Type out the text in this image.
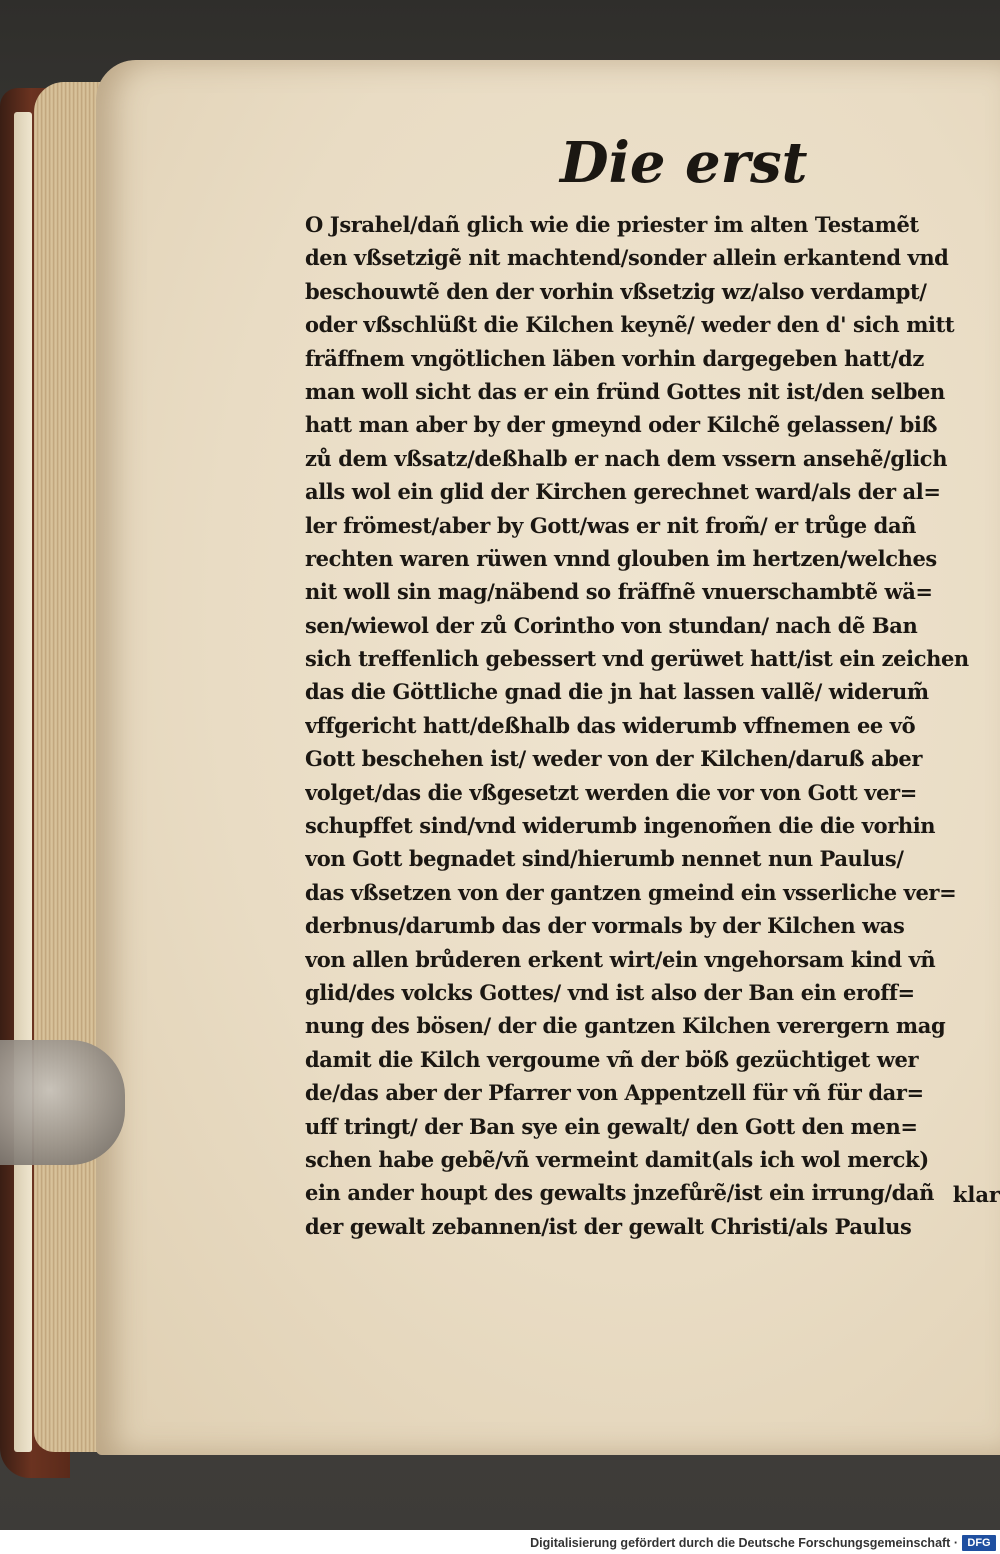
Die erst
O Jsrahel/dañ glich wie die priester im alten Testamẽt
den vßsetzigẽ nit machtend/sonder allein erkantend vnd
beschouwtẽ den der vorhin vßsetzig wz/also verdampt/
oder vßschlüßt die Kilchen keynẽ/ weder den d' sich mitt
fräffnem vngötlichen läben vorhin dargegeben hatt/dz
man woll sicht das er ein fründ Gottes nit ist/den selben
hatt man aber by der gmeynd oder Kilchẽ gelassen/ biß
zů dem vßsatz/deßhalb er nach dem vssern ansehẽ/glich
alls wol ein glid der Kirchen gerechnet ward/als der al=
ler frömest/aber by Gott/was er nit from̃/ er trůge dañ
rechten waren rüwen vnnd glouben im hertzen/welches
nit woll sin mag/näbend so fräffnẽ vnuerschambtẽ wä=
sen/wiewol der zů Corintho von stundan/ nach dẽ Ban
sich treffenlich gebessert vnd gerüwet hatt/ist ein zeichen
das die Göttliche gnad die jn hat lassen vallẽ/ widerum̃
vffgericht hatt/deßhalb das widerumb vffnemen ee võ
Gott beschehen ist/ weder von der Kilchen/daruß aber
volget/das die vßgesetzt werden die vor von Gott ver=
schupffet sind/vnd widerumb ingenom̃en die die vorhin
von Gott begnadet sind/hierumb nennet nun Paulus/
das vßsetzen von der gantzen gmeind ein vsserliche ver=
derbnus/darumb das der vormals by der Kilchen was
von allen brůderen erkent wirt/ein vngehorsam kind vñ
glid/des volcks Gottes/ vnd ist also der Ban ein eroff=
nung des bösen/ der die gantzen Kilchen verergern mag
damit die Kilch vergoume vñ der böß gezüchtiget wer
de/das aber der Pfarrer von Appentzell für vñ für dar=
uff tringt/ der Ban sye ein gewalt/ den Gott den men=
schen habe gebẽ/vñ vermeint damit(als ich wol merck)
ein ander houpt des gewalts jnzefůrẽ/ist ein irrung/dañ
der gewalt zebannen/ist der gewalt Christi/als Paulus

klar

Digitalisierung gefördert durch die Deutsche Forschungsgemeinschaft · DFG
